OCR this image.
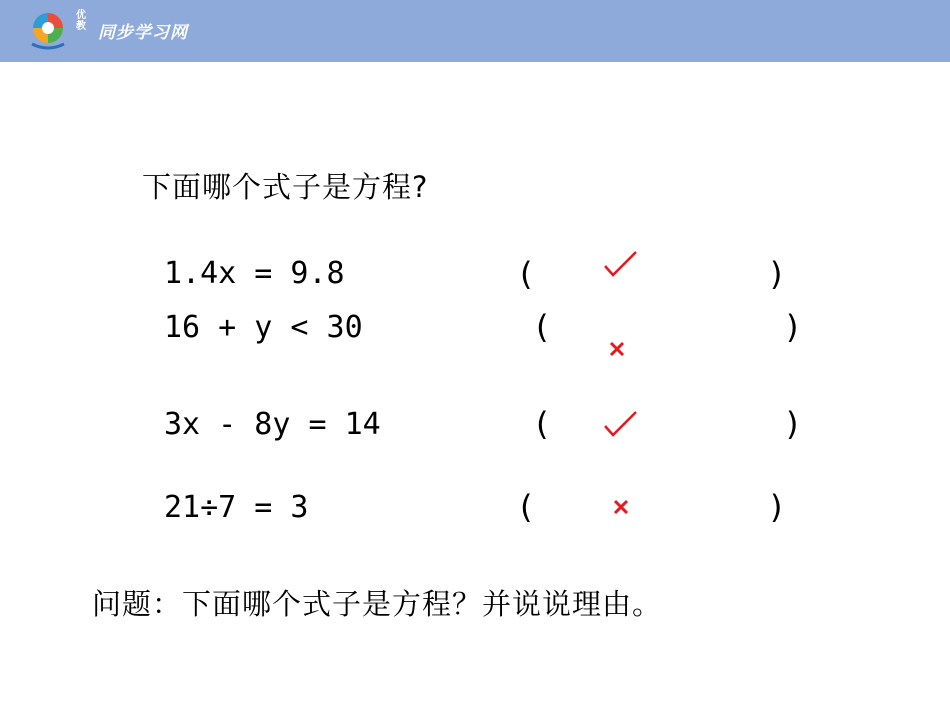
优教 同步学习网
下面哪个式子是方程?
1.4x = 9.8	(	)
16 + y < 30	(	)
3x - 8y = 14	(	)
21÷7 = 3	(	)
问题：下面哪个式子是方程？并说说理由。
